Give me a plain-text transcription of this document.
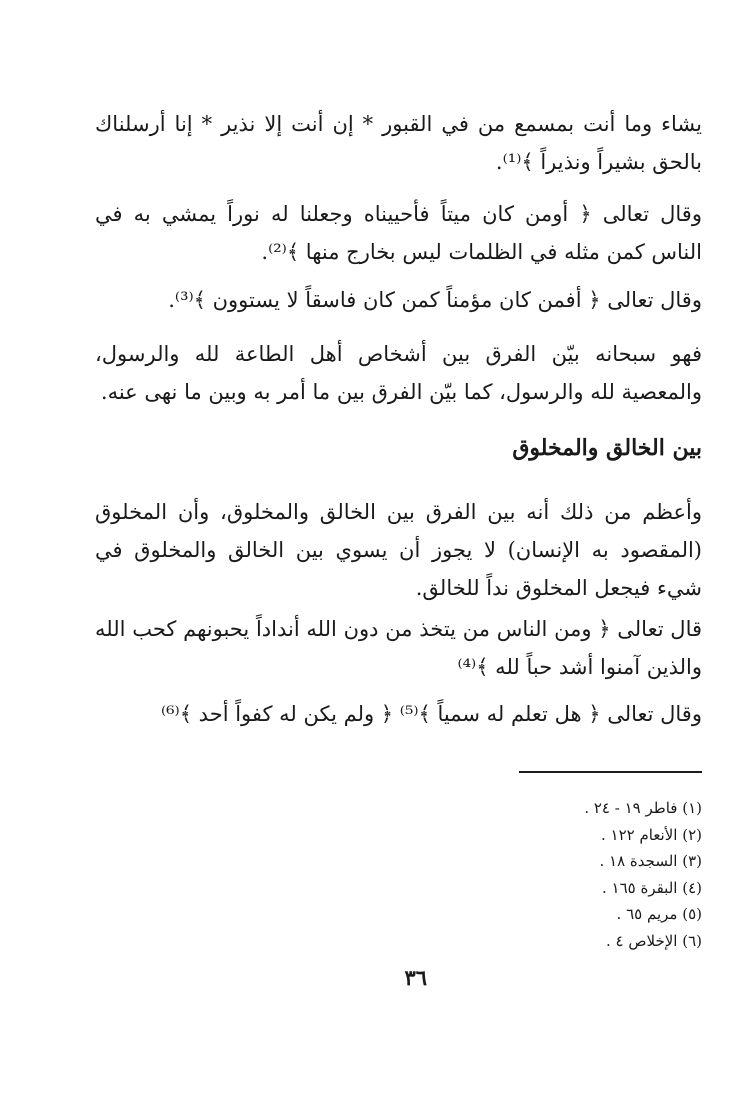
يشاء وما أنت بمسمع من في القبور * إن أنت إلا نذير * إنا أرسلناك بالحق بشيراً ونذيراً ﴾⁽¹⁾.

وقال تعالى ﴿ أومن كان ميتاً فأحييناه وجعلنا له نوراً يمشي به في الناس كمن مثله في الظلمات ليس بخارج منها ﴾⁽²⁾.

وقال تعالى ﴿ أفمن كان مؤمناً كمن كان فاسقاً لا يستوون ﴾⁽³⁾.

فهو سبحانه بيّن الفرق بين أشخاص أهل الطاعة لله والرسول، والمعصية لله والرسول، كما بيّن الفرق بين ما أمر به وبين ما نهى عنه.

بين الخالق والمخلوق

وأعظم من ذلك أنه بين الفرق بين الخالق والمخلوق، وأن المخلوق (المقصود به الإنسان) لا يجوز أن يسوي بين الخالق والمخلوق في شيء فيجعل المخلوق نداً للخالق.

قال تعالى ﴿ ومن الناس من يتخذ من دون الله أنداداً يحبونهم كحب الله والذين آمنوا أشد حباً لله ﴾⁽⁴⁾

وقال تعالى ﴿ هل تعلم له سمياً ﴾⁽⁵⁾ ﴿ ولم يكن له كفواً أحد ﴾⁽⁶⁾

(١) فاطر ١٩ - ٢٤ .
(٢) الأنعام ١٢٢ .
(٣) السجدة ١٨ .
(٤) البقرة ١٦٥ .
(٥) مريم ٦٥ .
(٦) الإخلاص ٤ .
٣٦
